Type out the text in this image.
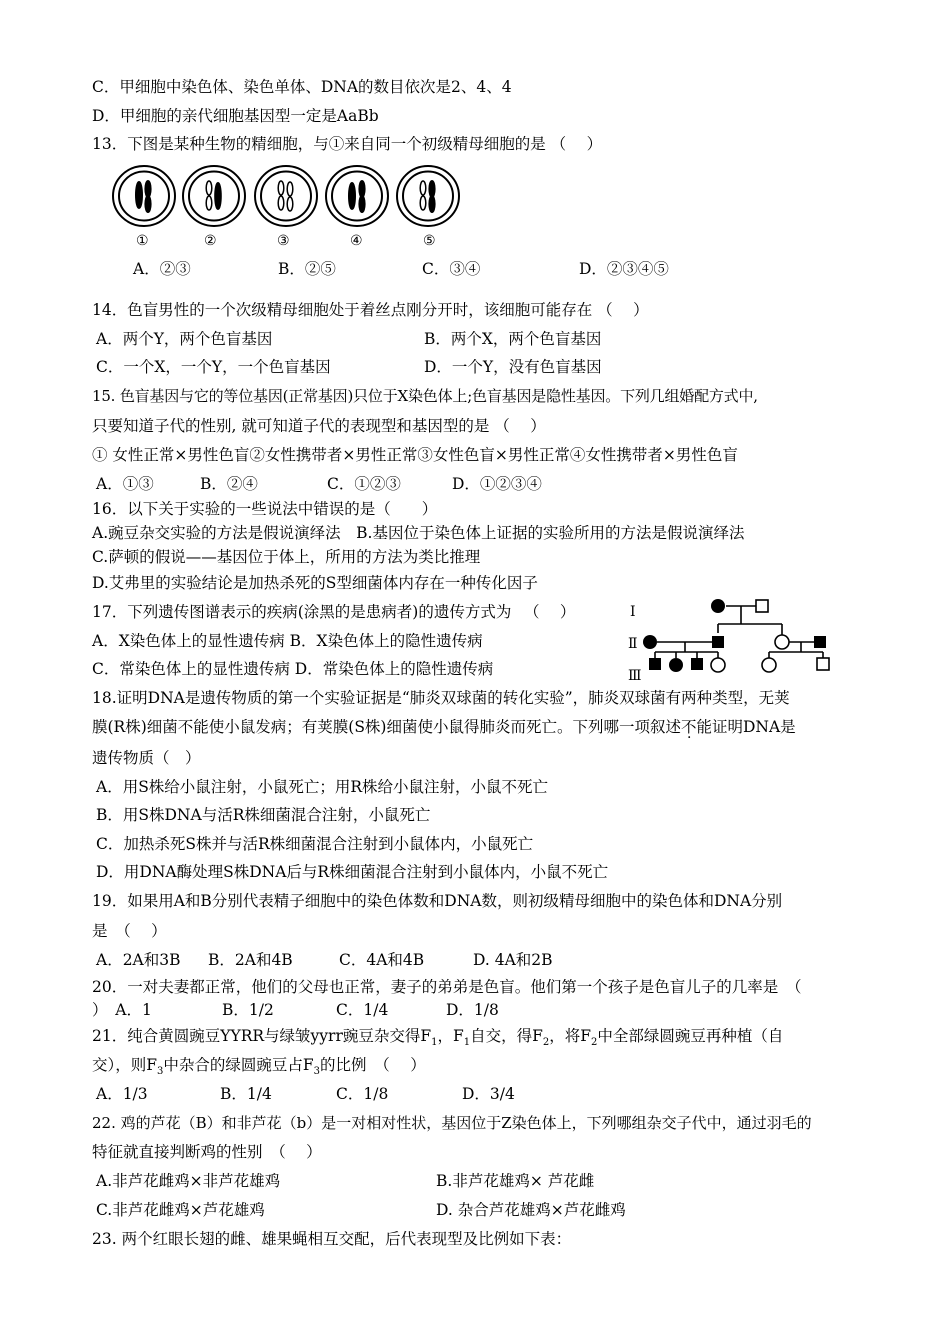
C．甲细胞中染色体、染色单体、DNA的数目依次是2、4、4
D．甲细胞的亲代细胞基因型一定是AaBb
13．下图是某种生物的精细胞，与①来自同一个初级精母细胞的是 （　 ）
①	②	③	④	⑤
A．②③	B．②⑤	C．③④	D．②③④⑤
14．色盲男性的一个次级精母细胞处于着丝点刚分开时，该细胞可能存在 （　 ）
A．两个Y，两个色盲基因	B．两个X，两个色盲基因
C．一个X，一个Y，一个色盲基因	D．一个Y，没有色盲基因
15. 色盲基因与它的等位基因(正常基因)只位于X染色体上;色盲基因是隐性基因。下列几组婚配方式中,
只要知道子代的性别, 就可知道子代的表现型和基因型的是 （　 ）
① 女性正常×男性色盲②女性携带者×男性正常③女性色盲×男性正常④女性携带者×男性色盲
A．①③	B．②④	C．①②③	D．①②③④
16．以下关于实验的一些说法中错误的是（　　）
A.豌豆杂交实验的方法是假说演绎法　B.基因位于染色体上证据的实验所用的方法是假说演绎法
C.萨顿的假说——基因位于体上，所用的方法为类比推理
D.艾弗里的实验结论是加热杀死的S型细菌体内存在一种传化因子
17．下列遗传图谱表示的疾病(涂黑的是患病者)的遗传方式为 　（　 ）
A．X染色体上的显性遗传病 B．X染色体上的隐性遗传病
C．常染色体上的显性遗传病 D．常染色体上的隐性遗传病
Ⅰ
Ⅱ
Ⅲ
18.证明DNA是遗传物质的第一个实验证据是“肺炎双球菌的转化实验”，肺炎双球菌有两种类型，无荚
膜(R株)细菌不能使小鼠发病；有荚膜(S株)细菌使小鼠得肺炎而死亡。下列哪一项叙述不能证明DNA是
遗传物质（　）
A．用S株给小鼠注射，小鼠死亡；用R株给小鼠注射，小鼠不死亡
B．用S株DNA与活R株细菌混合注射，小鼠死亡
C．加热杀死S株并与活R株细菌混合注射到小鼠体内，小鼠死亡
D．用DNA酶处理S株DNA后与R株细菌混合注射到小鼠体内，小鼠不死亡
19．如果用A和B分别代表精子细胞中的染色体数和DNA数，则初级精母细胞中的染色体和DNA分别
是　（　 ）
A．2A和3B B．2A和4B	C．4A和4B	D. 4A和2B
20．一对夫妻都正常，他们的父母也正常，妻子的弟弟是色盲。他们第一个孩子是色盲儿子的几率是　（
）　A．1	B．1/2	C．1/4	D．1/8
21．纯合黄圆豌豆YYRR与绿皱yyrr豌豆杂交得$F_1$，$F_1$自交，得$F_2$，将$F_2$中全部绿圆豌豆再种植（自
交），则$F_3$中杂合的绿圆豌豆占$F_3$的比例　（　 ）
A．1/3	B．1/4	C．1/8	D．3/4
22. 鸡的芦花（B）和非芦花（b）是一对相对性状，基因位于Z染色体上，下列哪组杂交子代中，通过羽毛的
特征就直接判断鸡的性别　（　 ）
A.非芦花雌鸡×非芦花雄鸡	B.非芦花雄鸡× 芦花雌
C.非芦花雌鸡×芦花雄鸡	D. 杂合芦花雄鸡×芦花雌鸡
23. 两个红眼长翅的雌、雄果蝇相互交配，后代表现型及比例如下表：
